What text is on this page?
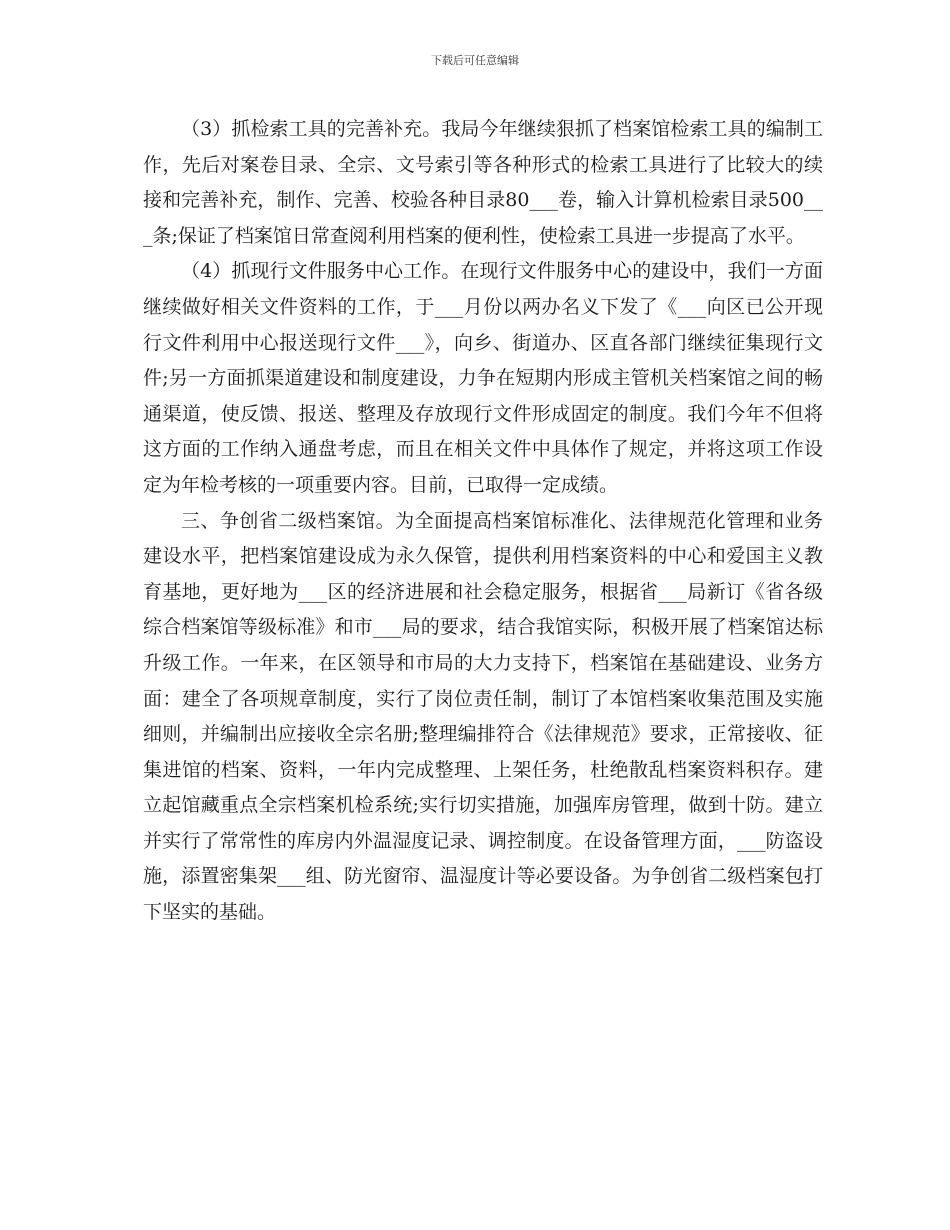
下载后可任意编辑

（3）抓检索工具的完善补充。我局今年继续狠抓了档案馆检索工具的编制工作，先后对案卷目录、全宗、文号索引等各种形式的检索工具进行了比较大的续接和完善补充，制作、完善、校验各种目录80___卷，输入计算机检索目录500___条;保证了档案馆日常查阅利用档案的便利性，使检索工具进一步提高了水平。

（4）抓现行文件服务中心工作。在现行文件服务中心的建设中，我们一方面继续做好相关文件资料的工作，于___月份以两办名义下发了《___向区已公开现行文件利用中心报送现行文件___》，向乡、街道办、区直各部门继续征集现行文件;另一方面抓渠道建设和制度建设，力争在短期内形成主管机关档案馆之间的畅通渠道，使反馈、报送、整理及存放现行文件形成固定的制度。我们今年不但将这方面的工作纳入通盘考虑，而且在相关文件中具体作了规定，并将这项工作设定为年检考核的一项重要内容。目前，已取得一定成绩。

三、争创省二级档案馆。为全面提高档案馆标准化、法律规范化管理和业务建设水平，把档案馆建设成为永久保管，提供利用档案资料的中心和爱国主义教育基地，更好地为___区的经济进展和社会稳定服务，根据省___局新订《省各级综合档案馆等级标准》和市___局的要求，结合我馆实际，积极开展了档案馆达标升级工作。一年来，在区领导和市局的大力支持下，档案馆在基础建设、业务方面：建全了各项规章制度，实行了岗位责任制，制订了本馆档案收集范围及实施细则，并编制出应接收全宗名册;整理编排符合《法律规范》要求，正常接收、征集进馆的档案、资料，一年内完成整理、上架任务，杜绝散乱档案资料积存。建立起馆藏重点全宗档案机检系统;实行切实措施，加强库房管理，做到十防。建立并实行了常常性的库房内外温湿度记录、调控制度。在设备管理方面，___防盗设施，添置密集架___组、防光窗帘、温湿度计等必要设备。为争创省二级档案包打下坚实的基础。
